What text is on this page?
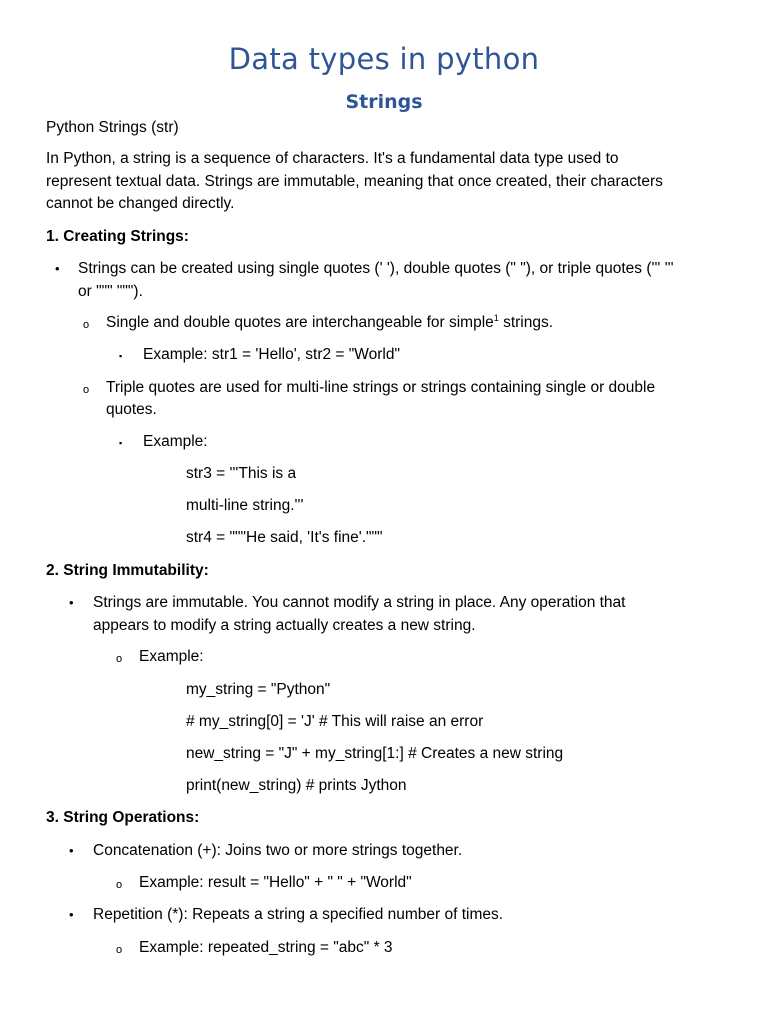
Data types in python
Strings
Python Strings (str)
In Python, a string is a sequence of characters. It's a fundamental data type used to
represent textual data. Strings are immutable, meaning that once created, their characters
cannot be changed directly.
1. Creating Strings:
• Strings can be created using single quotes (' '), double quotes (" "), or triple quotes (''' '''
or """ """).
o Single and double quotes are interchangeable for simple$^1$ strings.
▪ Example: str1 = 'Hello', str2 = "World"
o Triple quotes are used for multi-line strings or strings containing single or double
quotes.
▪ Example:
str3 = '''This is a
multi-line string.'''
str4 = """He said, 'It's fine'."""
2. String Immutability:
• Strings are immutable. You cannot modify a string in place. Any operation that
appears to modify a string actually creates a new string.
o Example:
my_string = "Python"
# my_string[0] = 'J' # This will raise an error
new_string = "J" + my_string[1:] # Creates a new string
print(new_string) # prints Jython
3. String Operations:
• Concatenation (+): Joins two or more strings together.
o Example: result = "Hello" + " " + "World"
• Repetition (*): Repeats a string a specified number of times.
o Example: repeated_string = "abc" * 3
